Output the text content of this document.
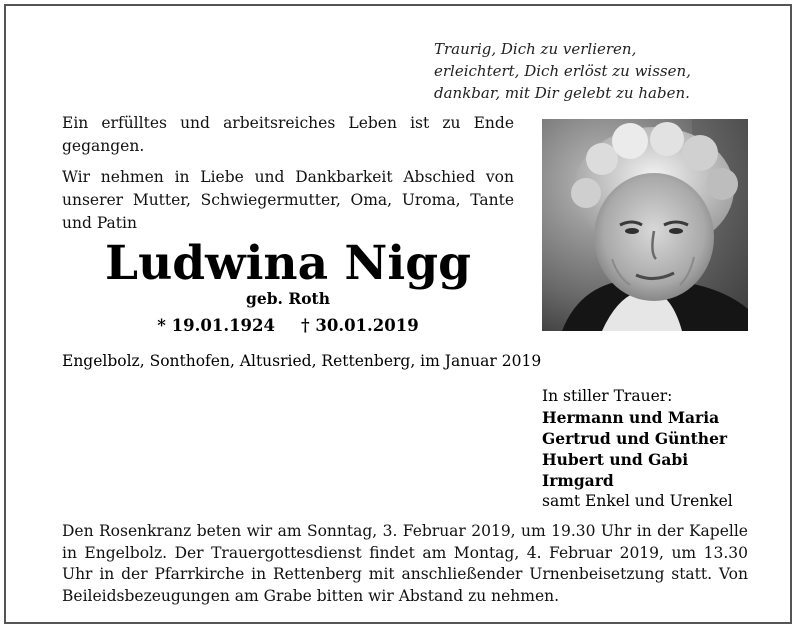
Traurig, Dich zu verlieren,
erleichtert, Dich erlöst zu wissen,
dankbar, mit Dir gelebt zu haben.

Ein erfülltes und arbeitsreiches Leben ist zu Ende gegangen.

Wir nehmen in Liebe und Dankbarkeit Abschied von unserer Mutter, Schwiegermutter, Oma, Uroma, Tante und Patin

Ludwina Nigg
geb. Roth
* 19.01.1924 † 30.01.2019
Engelbolz, Sonthofen, Altusried, Rettenberg, im Januar 2019
In stiller Trauer:
Hermann und Maria
Gertrud und Günther
Hubert und Gabi
Irmgard
samt Enkel und Urenkel
Den Rosenkranz beten wir am Sonntag, 3. Februar 2019, um 19.30 Uhr in der Kapelle in Engelbolz. Der Trauergottesdienst findet am Montag, 4. Februar 2019, um 13.30 Uhr in der Pfarrkirche in Rettenberg mit anschließender Urnenbeisetzung statt. Von Beileidsbezeugungen am Grabe bitten wir Abstand zu nehmen.
